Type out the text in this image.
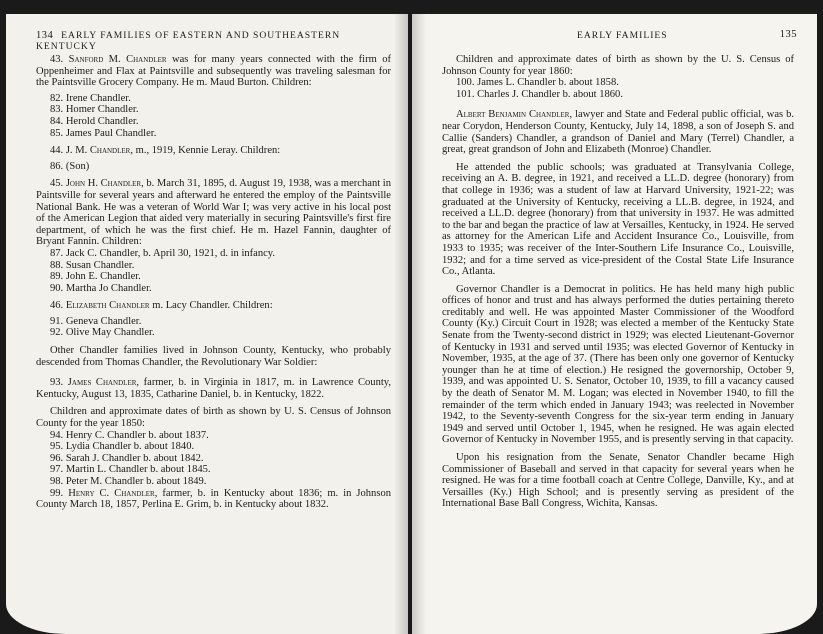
134 EARLY FAMILIES OF EASTERN AND SOUTHEASTERN KENTUCKY

43. Sanford M. Chandler was for many years connected with the firm of Oppenheimer and Flax at Paintsville and subsequently was traveling salesman for the Paintsville Grocery Company. He m. Maud Burton. Children:

82. Irene Chandler.

83. Homer Chandler.

84. Herold Chandler.

85. James Paul Chandler.

44. J. M. Chandler, m., 1919, Kennie Leray. Children:

86. (Son)

45. John H. Chandler, b. March 31, 1895, d. August 19, 1938, was a merchant in Paintsville for several years and afterward he entered the employ of the Paintsville National Bank. He was a veteran of World War I; was very active in his local post of the American Legion that aided very materially in securing Paintsville's first fire department, of which he was the first chief. He m. Hazel Fannin, daughter of Bryant Fannin. Children:

87. Jack C. Chandler, b. April 30, 1921, d. in infancy.

88. Susan Chandler.

89. John E. Chandler.

90. Martha Jo Chandler.

46. Elizabeth Chandler m. Lacy Chandler. Children:

91. Geneva Chandler.

92. Olive May Chandler.

Other Chandler families lived in Johnson County, Kentucky, who probably descended from Thomas Chandler, the Revolutionary War Soldier:

93. James Chandler, farmer, b. in Virginia in 1817, m. in Lawrence County, Kentucky, August 13, 1835, Catharine Daniel, b. in Kentucky, 1822.

Children and approximate dates of birth as shown by U. S. Census of Johnson County for the year 1850:

94. Henry C. Chandler b. about 1837.

95. Lydia Chandler b. about 1840.

96. Sarah J. Chandler b. about 1842.

97. Martin L. Chandler b. about 1845.

98. Peter M. Chandler b. about 1849.

99. Henry C. Chandler, farmer, b. in Kentucky about 1836; m. in Johnson County March 18, 1857, Perlina E. Grim, b. in Kentucky about 1832.

EARLY FAMILIES	135

Children and approximate dates of birth as shown by the U. S. Census of Johnson County for year 1860:

100. James L. Chandler b. about 1858.

101. Charles J. Chandler b. about 1860.

Albert Benjamin Chandler, lawyer and State and Federal public official, was b. near Corydon, Henderson County, Kentucky, July 14, 1898, a son of Joseph S. and Callie (Sanders) Chandler, a grandson of Daniel and Mary (Terrel) Chandler, a great, great grandson of John and Elizabeth (Monroe) Chandler.

He attended the public schools; was graduated at Transylvania College, receiving an A. B. degree, in 1921, and received a LL.D. degree (honorary) from that college in 1936; was a student of law at Harvard University, 1921-22; was graduated at the University of Kentucky, receiving a LL.B. degree, in 1924, and received a LL.D. degree (honorary) from that university in 1937. He was admitted to the bar and began the practice of law at Versailles, Kentucky, in 1924. He served as attorney for the American Life and Accident Insurance Co., Louisville, from 1933 to 1935; was receiver of the Inter-Southern Life Insurance Co., Louisville, 1932; and for a time served as vice-president of the Costal State Life Insurance Co., Atlanta.

Governor Chandler is a Democrat in politics. He has held many high public offices of honor and trust and has always performed the duties pertaining thereto creditably and well. He was appointed Master Commissioner of the Woodford County (Ky.) Circuit Court in 1928; was elected a member of the Kentucky State Senate from the Twenty-second district in 1929; was elected Lieutenant-Governor of Kentucky in 1931 and served until 1935; was elected Governor of Kentucky in November, 1935, at the age of 37. (There has been only one governor of Kentucky younger than he at time of election.) He resigned the governorship, October 9, 1939, and was appointed U. S. Senator, October 10, 1939, to fill a vacancy caused by the death of Senator M. M. Logan; was elected in November 1940, to fill the remainder of the term which ended in January 1943; was reelected in November 1942, to the Seventy-seventh Congress for the six-year term ending in January 1949 and served until October 1, 1945, when he resigned. He was again elected Governor of Kentucky in November 1955, and is presently serving in that capacity.

Upon his resignation from the Senate, Senator Chandler became High Commissioner of Baseball and served in that capacity for several years when he resigned. He was for a time football coach at Centre College, Danville, Ky., and at Versailles (Ky.) High School; and is presently serving as president of the International Base Ball Congress, Wichita, Kansas.
